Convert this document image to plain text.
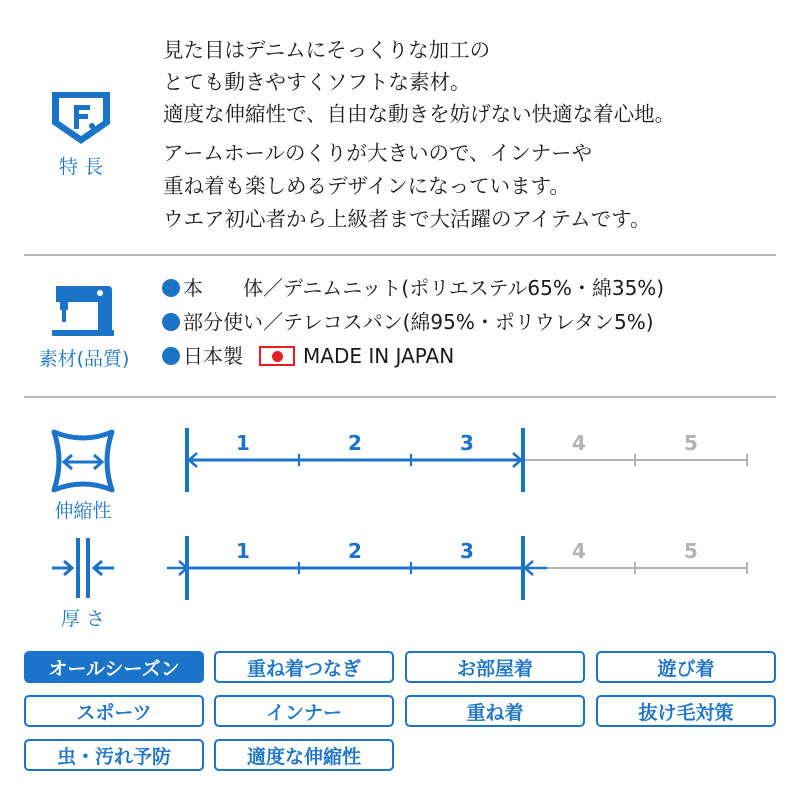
特 長
見た目はデニムにそっくりな加工の
とても動きやすくソフトな素材。
適度な伸縮性で、自由な動きを妨げない快適な着心地。
アームホールのくりが大きいので、インナーや
重ね着も楽しめるデザインになっています。
ウエア初心者から上級者まで大活躍のアイテムです。
素材(品質)
本　　体 ／デニムニット(ポリエステル65%・綿35%)
部分使い／テレコスパン(綿95%・ポリウレタン5%)
日本製	MADE IN JAPAN
伸縮性
1	2	3	4	5
厚 さ
1	2	3	4	5
オールシーズン	重ね着つなぎ	お部屋着	遊び着
スポーツ	インナー	重ね着	抜け毛対策
虫・汚れ予防	適度な伸縮性
